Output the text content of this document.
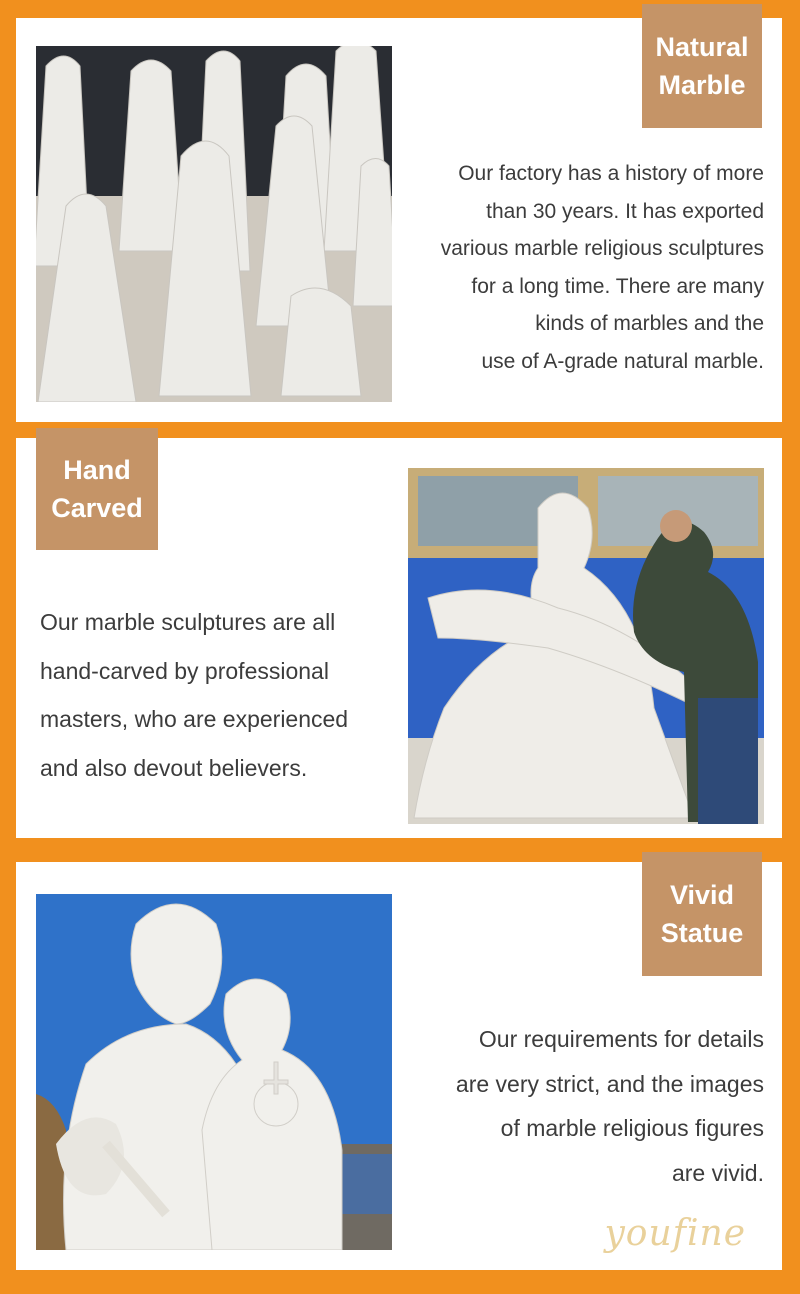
Natural
Marble
Our factory has a history of more
than 30 years. It has exported
various marble religious sculptures
for a long time. There are many
kinds of marbles and the
use of A-grade natural marble.
Hand
Carved
Our marble sculptures are all
hand-carved by professional
masters, who are experienced
and also devout believers.
Vivid
Statue
Our requirements for details
are very strict, and the images
of marble religious figures
are vivid.
youfine
